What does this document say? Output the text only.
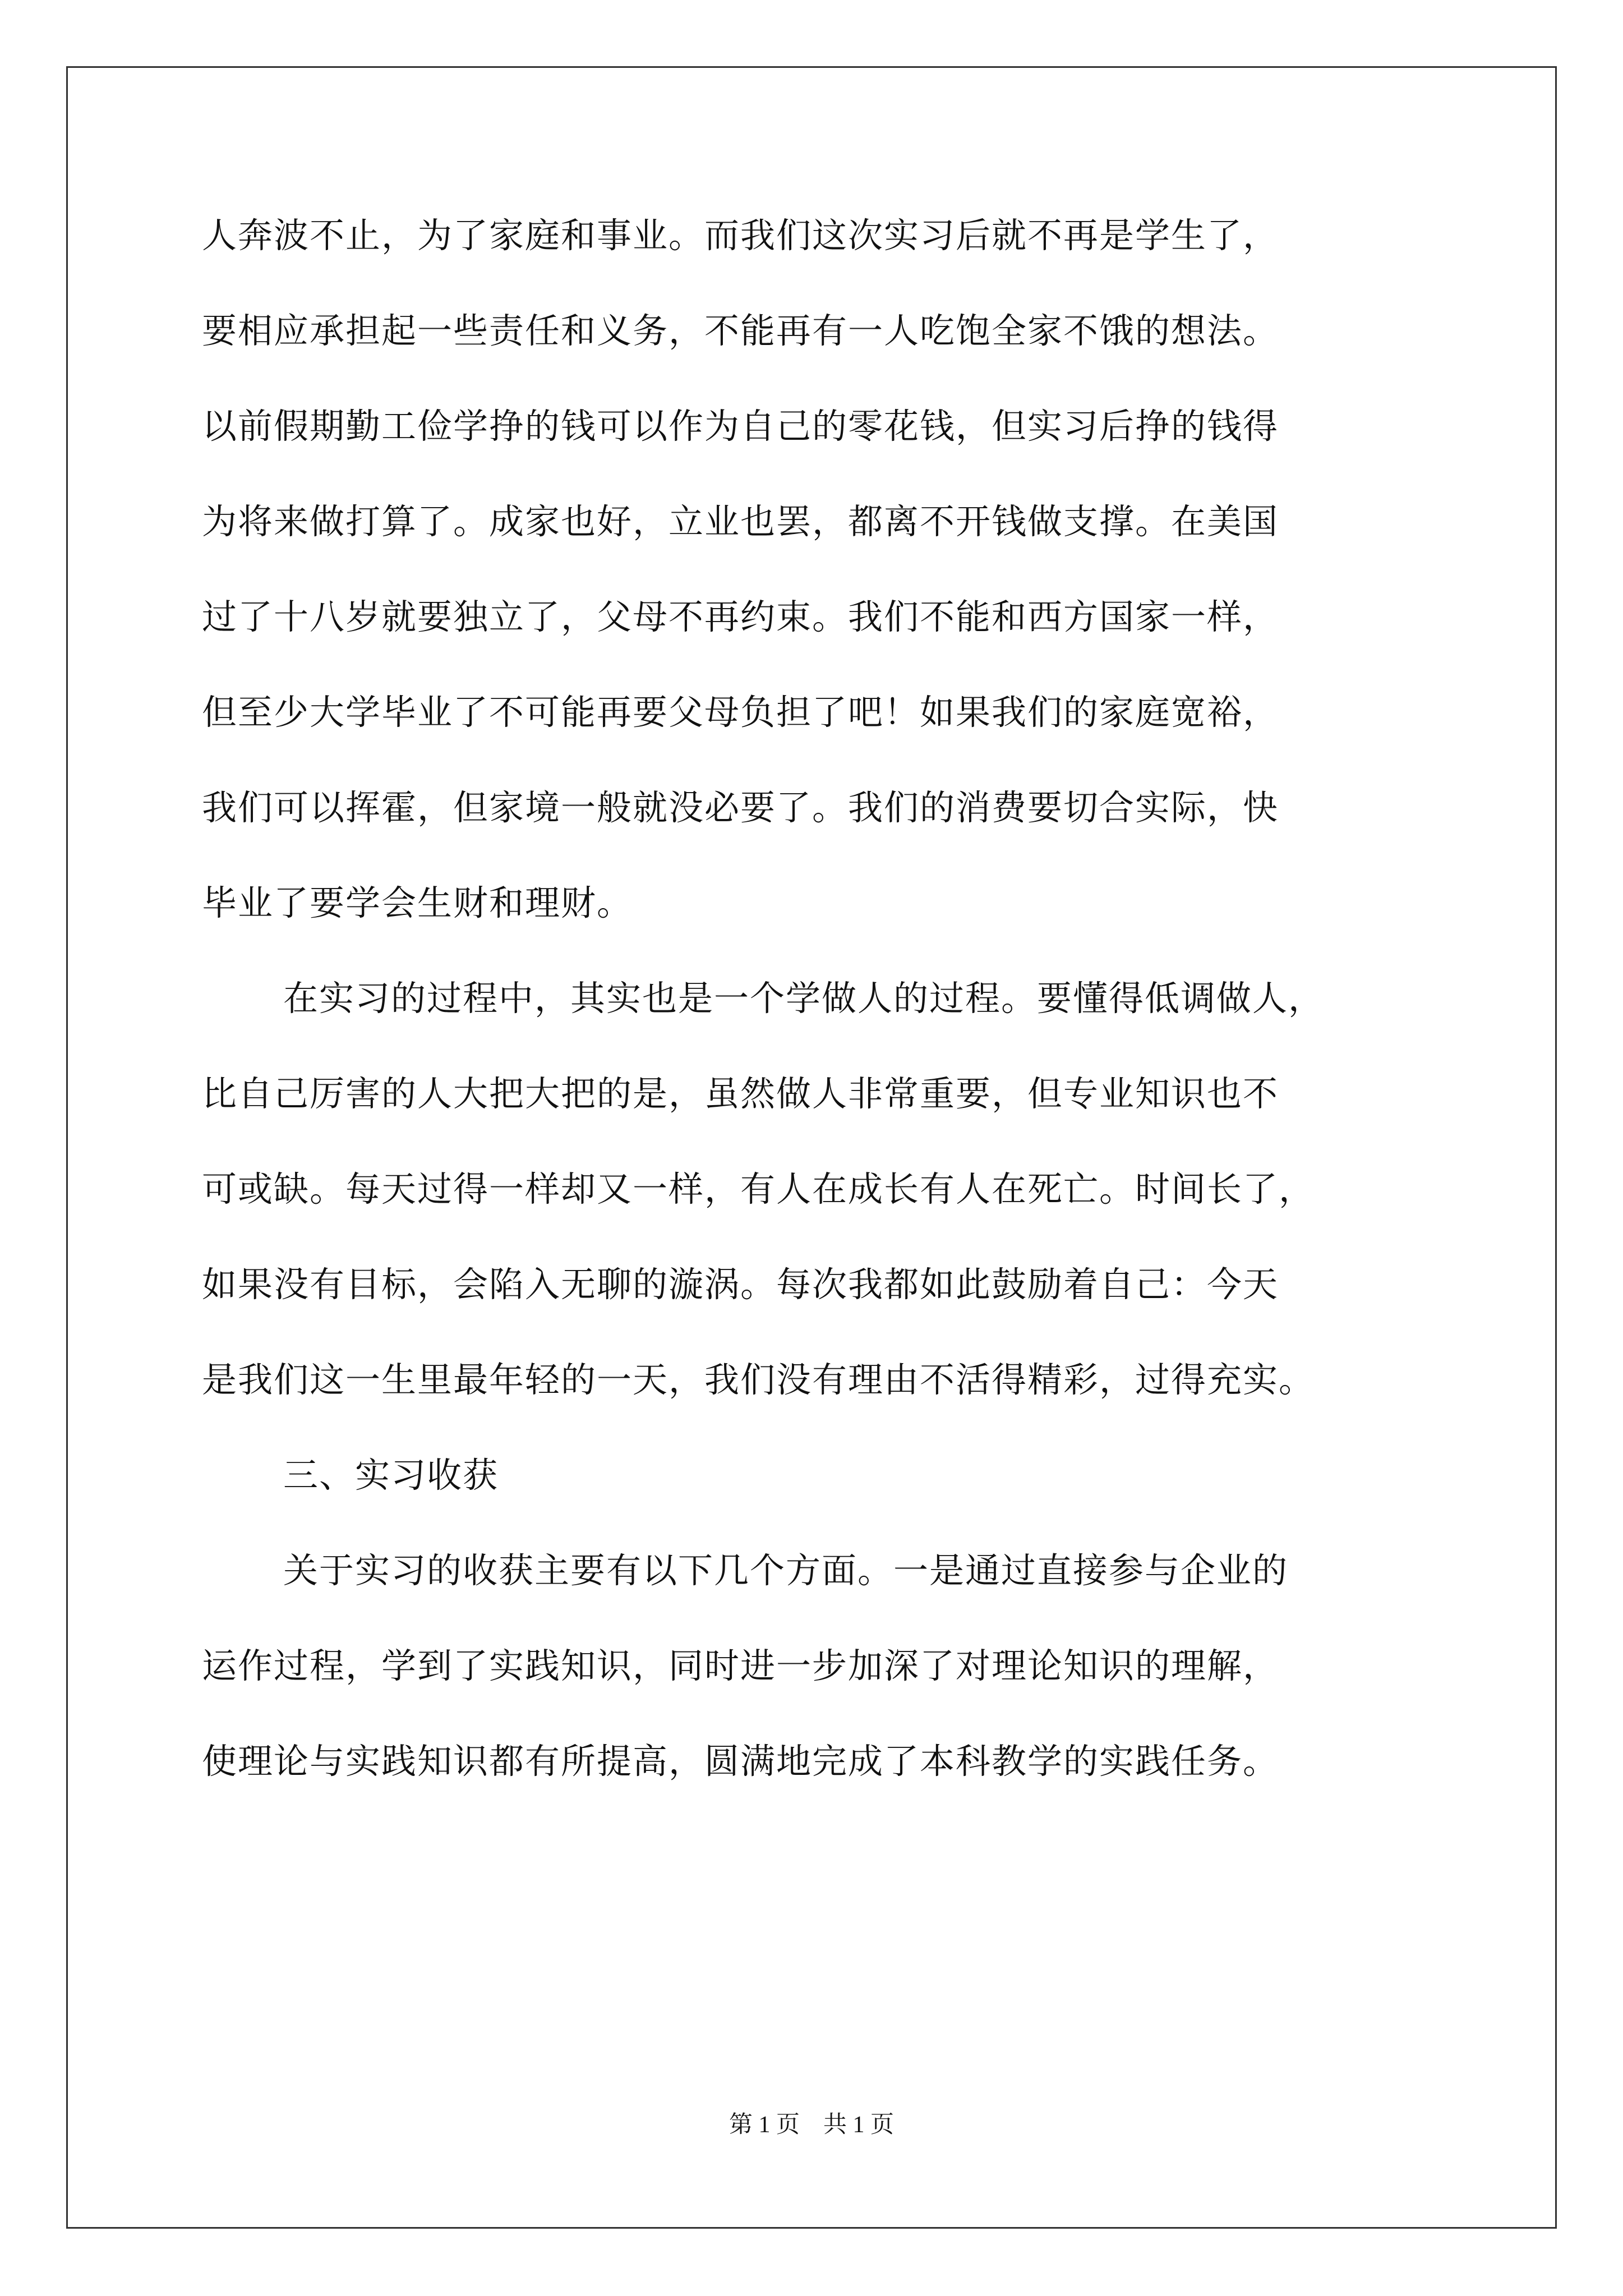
人奔波不止，为了家庭和事业。而我们这次实习后就不再是学生了，
要相应承担起一些责任和义务，不能再有一人吃饱全家不饿的想法。
以前假期勤工俭学挣的钱可以作为自己的零花钱，但实习后挣的钱得
为将来做打算了。成家也好，立业也罢，都离不开钱做支撑。在美国
过了十八岁就要独立了，父母不再约束。我们不能和西方国家一样，
但至少大学毕业了不可能再要父母负担了吧！如果我们的家庭宽裕，
我们可以挥霍，但家境一般就没必要了。我们的消费要切合实际，快
毕业了要学会生财和理财。
在实习的过程中，其实也是一个学做人的过程。要懂得低调做人，
比自己厉害的人大把大把的是，虽然做人非常重要，但专业知识也不
可或缺。每天过得一样却又一样，有人在成长有人在死亡。时间长了，
如果没有目标，会陷入无聊的漩涡。每次我都如此鼓励着自己：今天
是我们这一生里最年轻的一天，我们没有理由不活得精彩，过得充实。
三、实习收获
关于实习的收获主要有以下几个方面。一是通过直接参与企业的
运作过程，学到了实践知识，同时进一步加深了对理论知识的理解，
使理论与实践知识都有所提高，圆满地完成了本科教学的实践任务。
第 1 页　共 1 页
